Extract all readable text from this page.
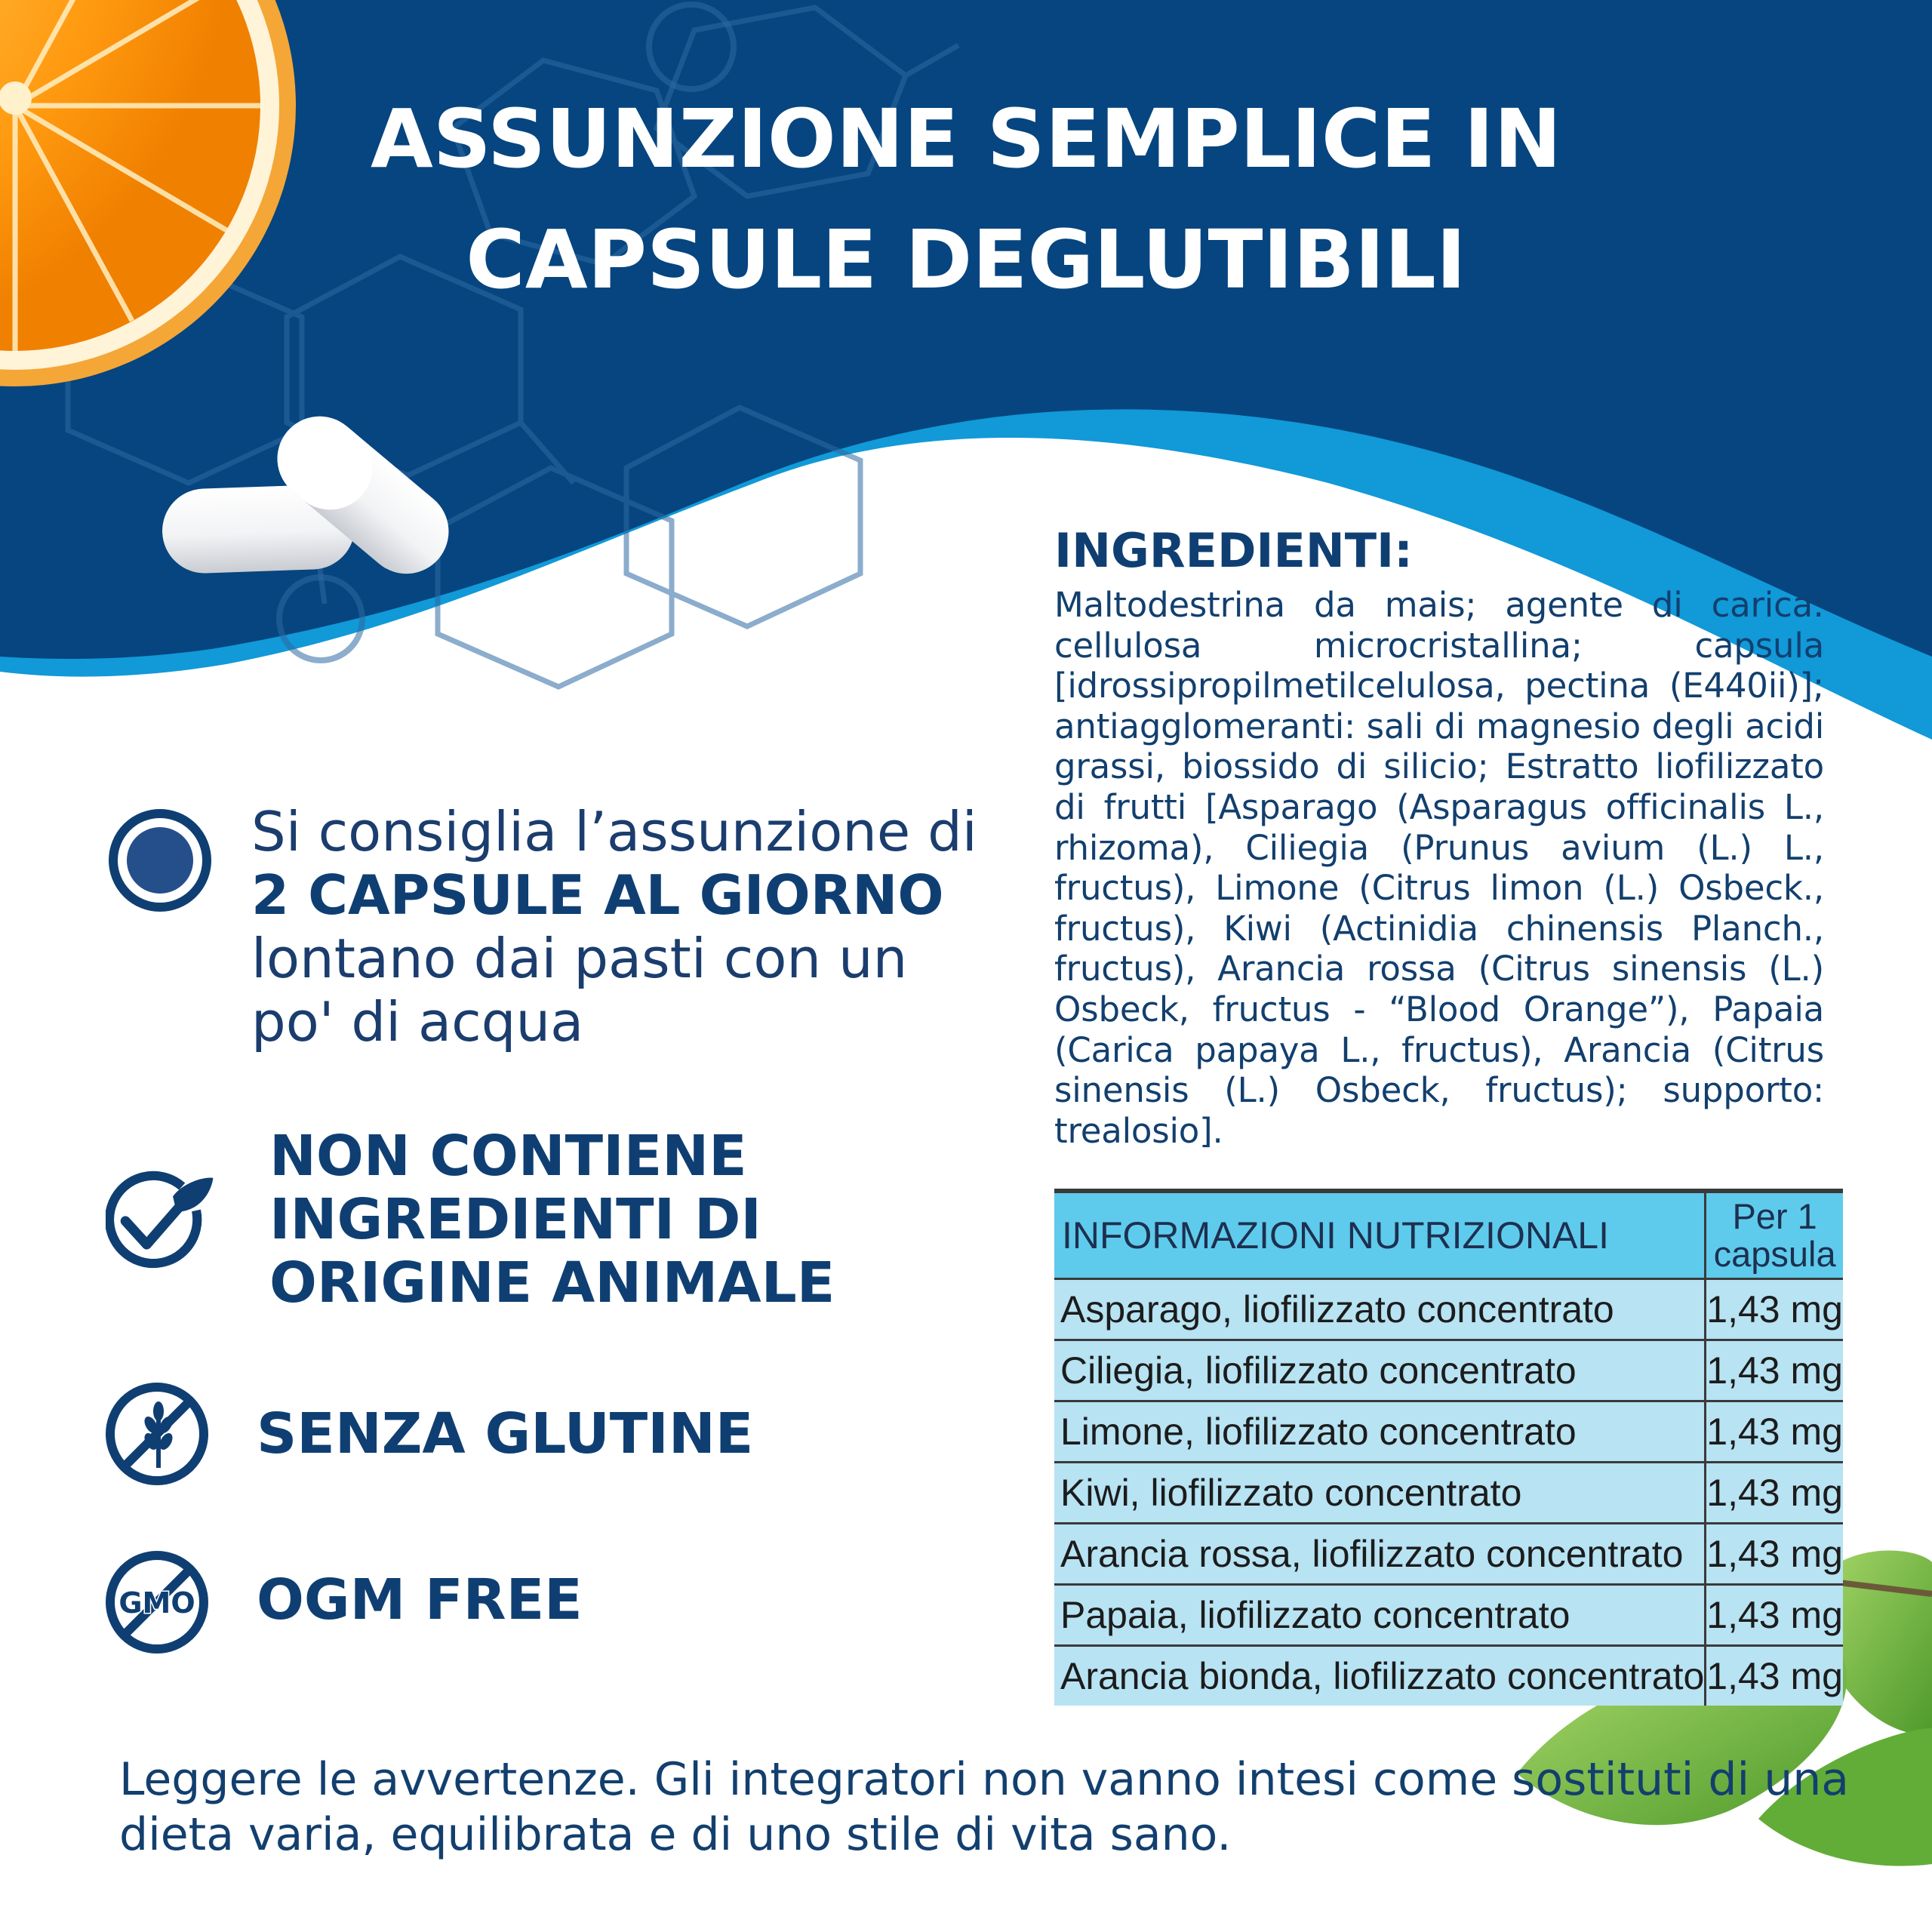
ASSUNZIONE SEMPLICE IN
CAPSULE DEGLUTIBILI
INGREDIENTI:
Maltodestrina da mais; agente di carica: cellulosa microcristallina; capsula [idrossipropilmetilcelulosa, pectina (E440ii)]; antiagglomeranti: sali di magnesio degli acidi grassi, biossido di silicio; Estratto liofilizzato di frutti [Asparago (Asparagus officinalis L., rhizoma), Ciliegia (Prunus avium (L.) L., fructus), Limone (Citrus limon (L.) Osbeck., fructus), Kiwi (Actinidia chinensis Planch., fructus), Arancia rossa (Citrus sinensis (L.) Osbeck, fructus - “Blood Orange”), Papaia (Carica papaya L., fructus), Arancia (Citrus sinensis (L.) Osbeck, fructus); supporto: trealosio].
Si consiglia l’assunzione di 2 CAPSULE AL GIORNO lontano dai pasti con un po' di acqua
NON CONTIENE INGREDIENTI DI ORIGINE ANIMALE
SENZA GLUTINE
GMO OGM FREE
INFORMAZIONI NUTRIZIONALI	Per 1 capsula
Asparago, liofilizzato concentrato	1,43 mg
Ciliegia, liofilizzato concentrato	1,43 mg
Limone, liofilizzato concentrato	1,43 mg
Kiwi, liofilizzato concentrato	1,43 mg
Arancia rossa, liofilizzato concentrato	1,43 mg
Papaia, liofilizzato concentrato	1,43 mg
Arancia bionda, liofilizzato concentrato	1,43 mg
Leggere le avvertenze. Gli integratori non vanno intesi come sostituti di una dieta varia, equilibrata e di uno stile di vita sano.
